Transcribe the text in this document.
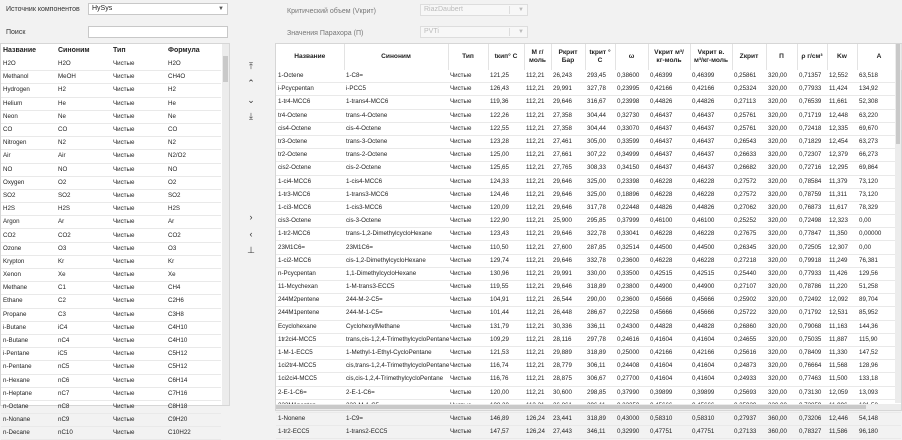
Источник компонентов	HySys	▼
Поиск
Критический объем (Vкрит)	RiazDaubert	▼
Значения Парахора (П)	PVTi	▼
Название	Синоним	Тип	Формула
H2O	H2O	Чистые	H2O
Methanol	MeOH	Чистые	CH4O
Hydrogen	H2	Чистые	H2
Helium	He	Чистые	He
Neon	Ne	Чистые	Ne
CO	CO	Чистые	CO
Nitrogen	N2	Чистые	N2
Air	Air	Чистые	N2/O2
NO	NO	Чистые	NO
Oxygen	O2	Чистые	O2
SO2	SO2	Чистые	SO2
H2S	H2S	Чистые	H2S
Argon	Ar	Чистые	Ar
CO2	CO2	Чистые	CO2
Ozone	O3	Чистые	O3
Krypton	Kr	Чистые	Kr
Xenon	Xe	Чистые	Xe
Methane	C1	Чистые	CH4
Ethane	C2	Чистые	C2H6
Propane	C3	Чистые	C3H8
i-Butane	iC4	Чистые	C4H10
n-Butane	nC4	Чистые	C4H10
i-Pentane	iC5	Чистые	C5H12
n-Pentane	nC5	Чистые	C5H12
n-Hexane	nC6	Чистые	C6H14
n-Heptane	nC7	Чистые	C7H16
n-Octane	nC8	Чистые	C8H18
n-Nonane	nC9	Чистые	C9H20
n-Decane	nC10	Чистые	C10H22
⤒
⌃
⌄
⤓
›
‹
⊥
Название	Синоним	Тип	tкип° С	М г/моль	Pкрит Бар	tкрит ° С	ω	Vкрит м³/кг-моль	Vкрит в. м³/кг-моль	Zкрит	П	ρ г/см³	Kw	A
1-Octene	1-C8=	Чистые	121,25	112,21	26,243	293,45	0,38600	0,46399	0,46399	0,25861	320,00	0,71357	12,552	63,518
i-Pcycpentan	i-PCC5	Чистые	126,43	112,21	29,991	327,78	0,23995	0,42166	0,42166	0,25324	320,00	0,77933	11,424	134,92
1-tr4-MCC6	1-trans4-MCC6	Чистые	119,36	112,21	29,646	316,67	0,23998	0,44826	0,44826	0,27113	320,00	0,76539	11,661	52,308
tr4-Octene	trans-4-Octene	Чистые	122,26	112,21	27,358	304,44	0,32730	0,46437	0,46437	0,25761	320,00	0,71719	12,448	63,220
cis4-Octene	cis-4-Octene	Чистые	122,55	112,21	27,358	304,44	0,33070	0,46437	0,46437	0,25761	320,00	0,72418	12,335	69,670
tr3-Octene	trans-3-Octene	Чистые	123,28	112,21	27,461	305,00	0,33599	0,46437	0,46437	0,26543	320,00	0,71829	12,454	63,273
tr2-Octene	trans-2-Octene	Чистые	125,00	112,21	27,661	307,22	0,34999	0,46437	0,46437	0,26633	320,00	0,72307	12,379	66,273
cis2-Octene	cis-2-Octene	Чистые	125,65	112,21	27,765	308,33	0,34150	0,46437	0,46437	0,26682	320,00	0,72716	12,295	69,864
1-ci4-MCC6	1-cis4-MCC6	Чистые	124,33	112,21	29,646	325,00	0,23398	0,46228	0,46228	0,27572	320,00	0,78584	11,379	73,120
1-tr3-MCC6	1-trans3-MCC6	Чистые	124,46	112,21	29,646	325,00	0,18896	0,46228	0,46228	0,27572	320,00	0,78759	11,311	73,120
1-ci3-MCC6	1-cis3-MCC6	Чистые	120,09	112,21	29,646	317,78	0,22448	0,44826	0,44826	0,27062	320,00	0,76873	11,617	78,329
cis3-Octene	cis-3-Octene	Чистые	122,90	112,21	25,900	295,85	0,37999	0,46100	0,46100	0,25252	320,00	0,72498	12,323	0,00
1-tr2-MCC6	trans-1,2-DimethylcycloHexane	Чистые	123,43	112,21	29,646	322,78	0,33041	0,46228	0,46228	0,27675	320,00	0,77847	11,350	0,00000
23M1C6=	23M1C6=	Чистые	110,50	112,21	27,600	287,85	0,32514	0,44500	0,44500	0,26345	320,00	0,72505	12,307	0,00
1-ci2-MCC6	cis-1,2-DimethylcycloHexane	Чистые	129,74	112,21	29,646	332,78	0,23600	0,46228	0,46228	0,27218	320,00	0,79918	11,249	76,381
n-Pcycpentan	1,1-DimethylcycloHexane	Чистые	130,96	112,21	29,991	330,00	0,33500	0,42515	0,42515	0,25440	320,00	0,77933	11,426	129,56
11-Mcychexan	1-M-trans3-ECC5	Чистые	119,55	112,21	29,646	318,89	0,23800	0,44900	0,44900	0,27107	320,00	0,78786	11,220	51,258
244M2pentene	244-M-2-C5=	Чистые	104,91	112,21	26,544	290,00	0,23600	0,45666	0,45666	0,25902	320,00	0,72492	12,092	89,704
244M1pentene	244-M-1-C5=	Чистые	101,44	112,21	26,448	286,67	0,22258	0,45666	0,45666	0,25722	320,00	0,71792	12,531	85,952
Ecyclohexane	CyclohexylMethane	Чистые	131,79	112,21	30,336	336,11	0,24300	0,44828	0,44828	0,26860	320,00	0,79068	11,163	144,36
1tr2ci4-MCC5	trans,cis-1,2,4-TrimethylcycloPentane	Чистые	109,29	112,21	28,116	297,78	0,24616	0,41604	0,41604	0,24655	320,00	0,75035	11,887	115,90
1-M-1-ECC5	1-Methyl-1-Ethyl-CycloPentane	Чистые	121,53	112,21	29,889	318,89	0,25000	0,42166	0,42166	0,25616	320,00	0,78409	11,330	147,52
1ci2tr4-MCC5	cis,trans-1,2,4-TrimethylcycloPentane	Чистые	116,74	112,21	28,779	306,11	0,24408	0,41604	0,41604	0,24873	320,00	0,76664	11,568	128,96
1ci2ci4-MCC5	cis,cis-1,2,4-TrimethylcycloPentane	Чистые	116,76	112,21	28,875	306,67	0,27700	0,41604	0,41604	0,24933	320,00	0,77463	11,500	133,18
2-E-1-C6=	2-E-1-C6=	Чистые	120,00	112,21	30,600	298,85	0,37990	0,39899	0,39899	0,25693	320,00	0,73130	12,059	13,093

1-Nonene	1-C9=	Чистые	146,89	126,24	23,441	318,89	0,43000	0,58310	0,58310	0,27937	360,00	0,73206	12,446	54,148
1-tr2-ECC5	1-trans2-ECC5	Чистые	147,57	126,24	27,443	346,11	0,32990	0,47751	0,47751	0,27133	360,00	0,78327	11,586	96,180
